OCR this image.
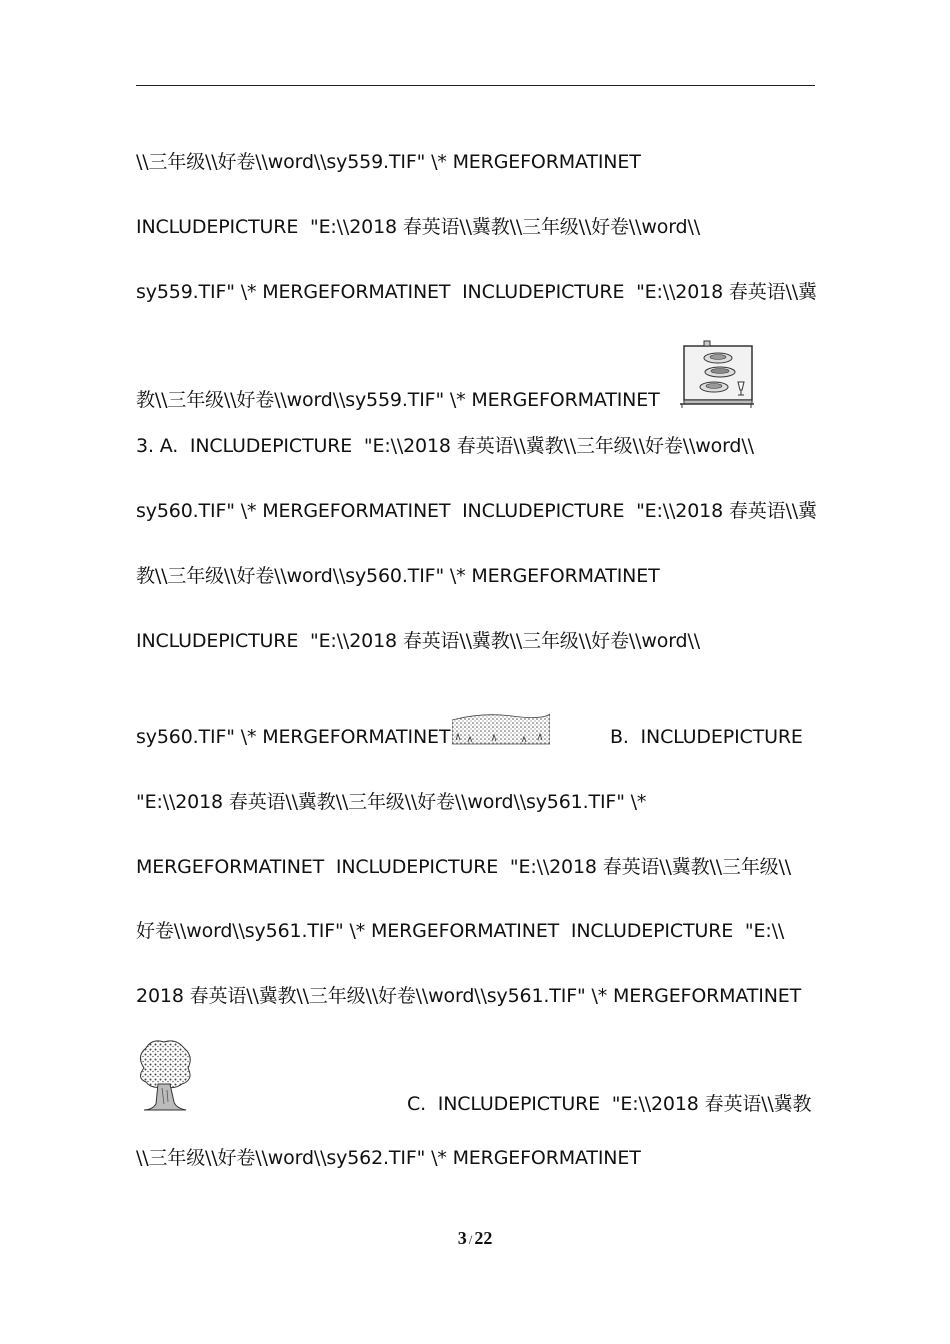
\\三年级\\好卷\\word\\sy559.TIF" \* MERGEFORMATINET
INCLUDEPICTURE  "E:\\2018 春英语\\冀教\\三年级\\好卷\\word\\
sy559.TIF" \* MERGEFORMATINET  INCLUDEPICTURE  "E:\\2018 春英语\\冀
教\\三年级\\好卷\\word\\sy559.TIF" \* MERGEFORMATINET
3. A.  INCLUDEPICTURE  "E:\\2018 春英语\\冀教\\三年级\\好卷\\word\\
sy560.TIF" \* MERGEFORMATINET  INCLUDEPICTURE  "E:\\2018 春英语\\冀
教\\三年级\\好卷\\word\\sy560.TIF" \* MERGEFORMATINET
INCLUDEPICTURE  "E:\\2018 春英语\\冀教\\三年级\\好卷\\word\\
sy560.TIF" \* MERGEFORMATINET	B.  INCLUDEPICTURE
"E:\\2018 春英语\\冀教\\三年级\\好卷\\word\\sy561.TIF" \*
MERGEFORMATINET  INCLUDEPICTURE  "E:\\2018 春英语\\冀教\\三年级\\
好卷\\word\\sy561.TIF" \* MERGEFORMATINET  INCLUDEPICTURE  "E:\\
2018 春英语\\冀教\\三年级\\好卷\\word\\sy561.TIF" \* MERGEFORMATINET
C.  INCLUDEPICTURE  "E:\\2018 春英语\\冀教
\\三年级\\好卷\\word\\sy562.TIF" \* MERGEFORMATINET
3 / 22
